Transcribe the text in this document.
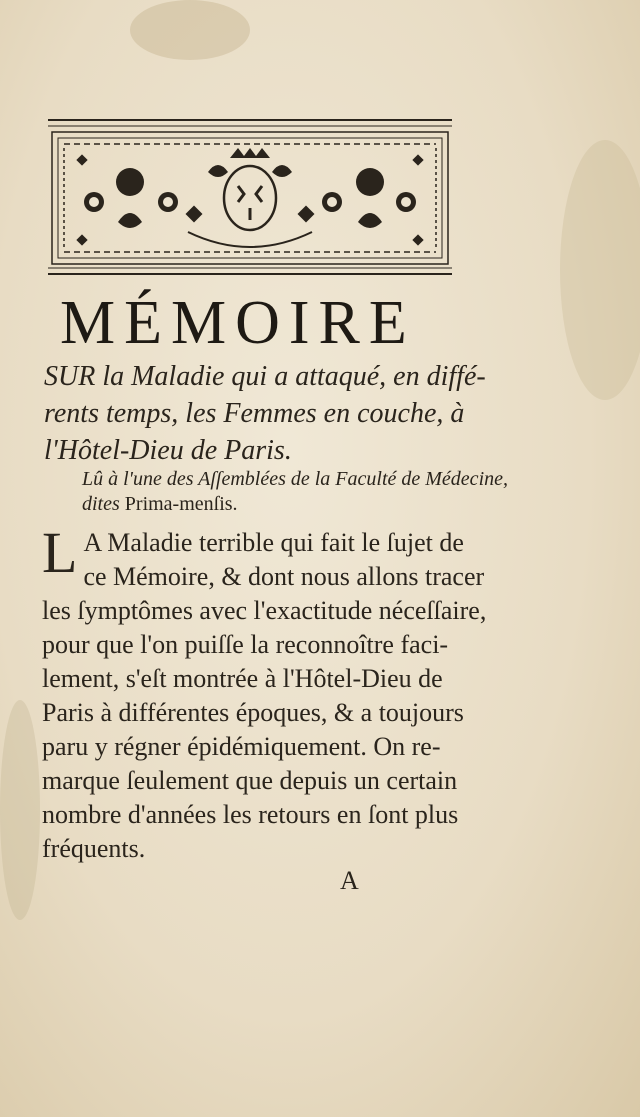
MÉMOIRE

SUR la Maladie qui a attaqué, en diffé-
rents temps, les Femmes en couche, à
l'Hôtel-Dieu de Paris.

Lû à l'une des Aſſemblées de la Faculté de Médecine,
dites Prima-menſis.

L A Maladie terrible qui fait le ſujet de
ce Mémoire, & dont nous allons tracer
les ſymptômes avec l'exactitude néceſſaire,
pour que l'on puiſſe la reconnoître faci-
lement, s'eſt montrée à l'Hôtel-Dieu de
Paris à différentes époques, & a toujours
paru y régner épidémiquement. On re-
marque ſeulement que depuis un certain
nombre d'années les retours en ſont plus
fréquents.
A
